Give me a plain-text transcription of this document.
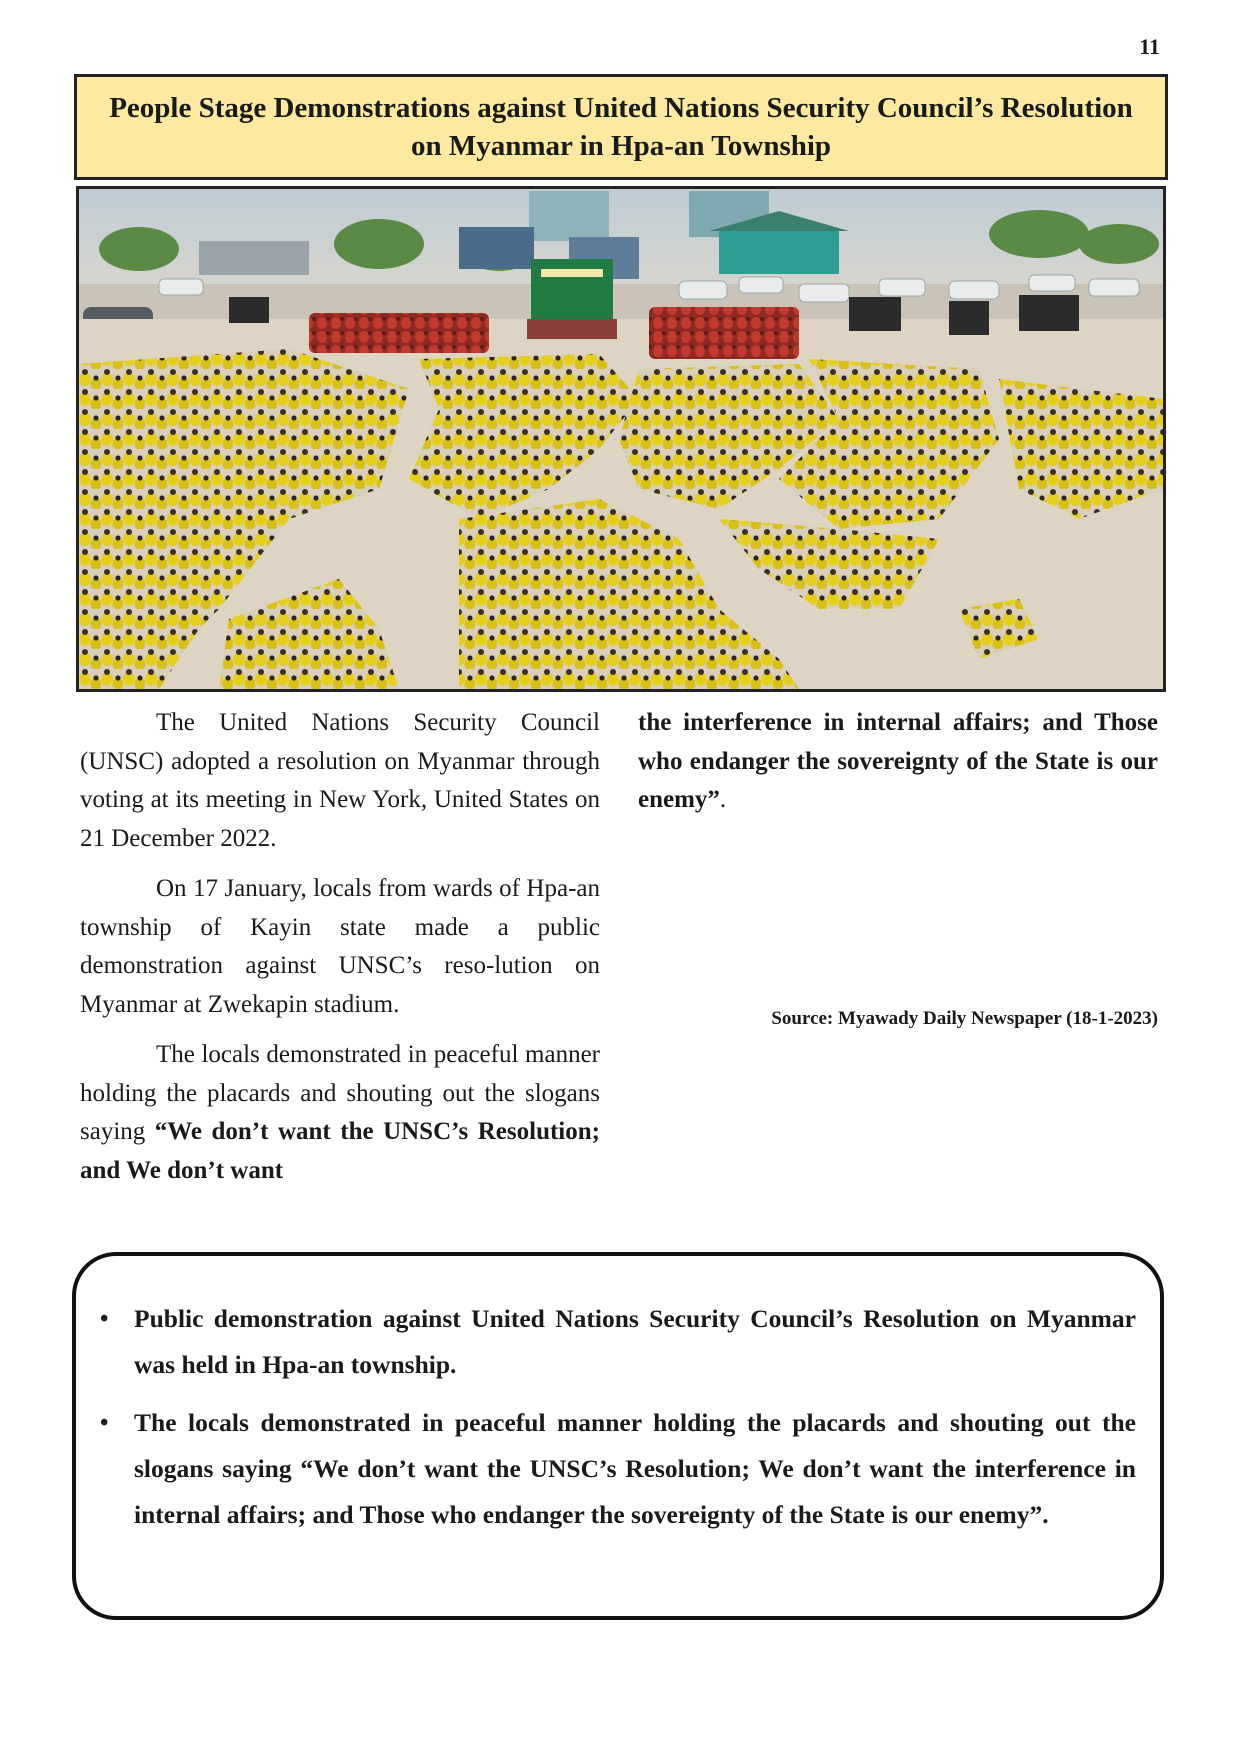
11
People Stage Demonstrations against United Nations Security Council’s Resolution on Myanmar in Hpa-an Township

The United Nations Security Council (UNSC) adopted a resolution on Myanmar through voting at its meeting in New York, United States on 21 December 2022.

On 17 January, locals from wards of Hpa-an township of Kayin state made a public demonstration against UNSC’s reso-lution on Myanmar at Zwekapin stadium.

The locals demonstrated in peaceful manner holding the placards and shouting out the slogans saying “We don’t want the UNSC’s Resolution; and We don’t want

the interference in internal affairs; and Those who endanger the sovereignty of the State is our enemy”.

Source: Myawady Daily Newspaper (18-1-2023)
• Public demonstration against United Nations Security Council’s Resolution on Myanmar was held in Hpa-an township.
• The locals demonstrated in peaceful manner holding the placards and shouting out the slogans saying “We don’t want the UNSC’s Resolution; We don’t want the interference in internal affairs; and Those who endanger the sovereignty of the State is our enemy”.
